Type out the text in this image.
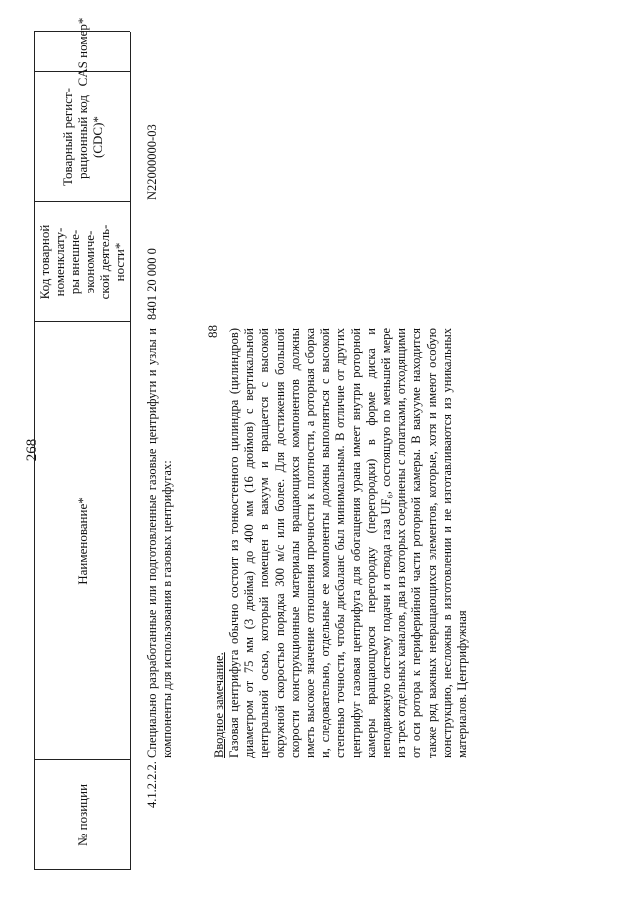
268
№ позиции
Наименование*
Код товарной номенклату- ры внешне- экономиче- ской деятель- ности*
Товарный регист- рационный код (CDC)*
CAS номер*
4.1.2.2.2.
Специально разработанные или подготовленные газовые центрифуги и узлы и компоненты для использования в газовых центрифугах:
8401 20 000 0
N22000000-03
88

Вводное замечание. Газовая центрифуга обычно состоит из тонкостенного цилиндра (цилиндров) диаметром от 75 мм (3 дюйма) до 400 мм (16 дюймов) с вертикальной центральной осью, который помещен в вакуум и вращается с высокой окружной скоростью порядка 300 м/с или более. Для достижения большой скорости конструкционные материалы вращающихся компонентов должны иметь высокое значение отношения прочности к плотности, а роторная сборка и, следовательно, отдельные ее компоненты должны выполняться с высокой степенью точности, чтобы дисбаланс был минимальным. В отличие от других центрифуг газовая центрифуга для обогащения урана имеет внутри роторной камеры вращающуюся перегородку (перегородки) в форме диска и неподвижную систему подачи и отвода газа UF₆, состоящую по меньшей мере из трех отдельных каналов, два из которых соединены с лопатками, отходящими от оси ротора к периферийной части роторной камеры. В вакууме находится также ряд важных невращающихся элементов, которые, хотя и имеют особую конструкцию, несложны в изготовлении и не изготавливаются из уникальных материалов. Центрифужная
